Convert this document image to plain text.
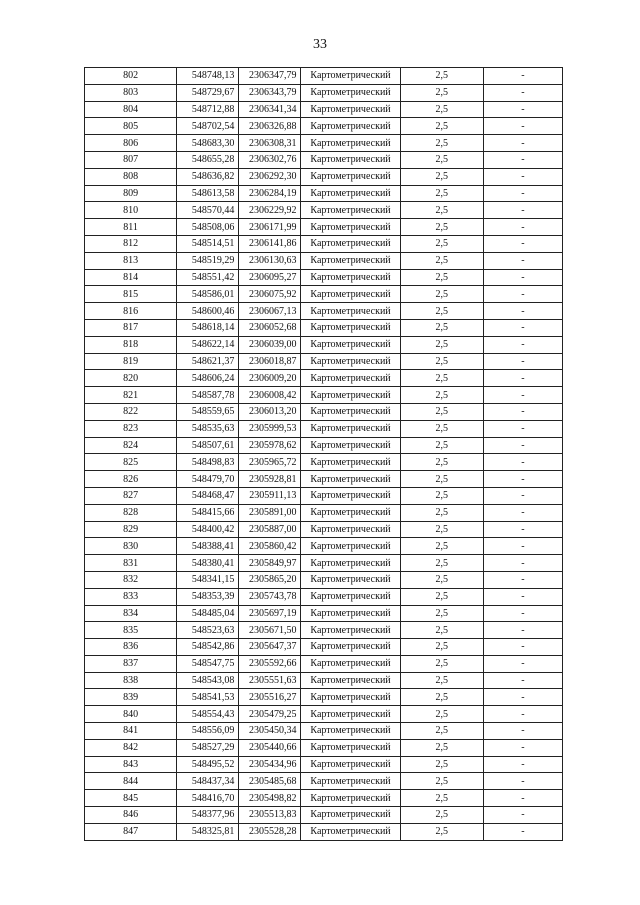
33
802	548748,13	2306347,79	Картометрический	2,5	-
803	548729,67	2306343,79	Картометрический	2,5	-
804	548712,88	2306341,34	Картометрический	2,5	-
805	548702,54	2306326,88	Картометрический	2,5	-
806	548683,30	2306308,31	Картометрический	2,5	-
807	548655,28	2306302,76	Картометрический	2,5	-
808	548636,82	2306292,30	Картометрический	2,5	-
809	548613,58	2306284,19	Картометрический	2,5	-
810	548570,44	2306229,92	Картометрический	2,5	-
811	548508,06	2306171,99	Картометрический	2,5	-
812	548514,51	2306141,86	Картометрический	2,5	-
813	548519,29	2306130,63	Картометрический	2,5	-
814	548551,42	2306095,27	Картометрический	2,5	-
815	548586,01	2306075,92	Картометрический	2,5	-
816	548600,46	2306067,13	Картометрический	2,5	-
817	548618,14	2306052,68	Картометрический	2,5	-
818	548622,14	2306039,00	Картометрический	2,5	-
819	548621,37	2306018,87	Картометрический	2,5	-
820	548606,24	2306009,20	Картометрический	2,5	-
821	548587,78	2306008,42	Картометрический	2,5	-
822	548559,65	2306013,20	Картометрический	2,5	-
823	548535,63	2305999,53	Картометрический	2,5	-
824	548507,61	2305978,62	Картометрический	2,5	-
825	548498,83	2305965,72	Картометрический	2,5	-
826	548479,70	2305928,81	Картометрический	2,5	-
827	548468,47	2305911,13	Картометрический	2,5	-
828	548415,66	2305891,00	Картометрический	2,5	-
829	548400,42	2305887,00	Картометрический	2,5	-
830	548388,41	2305860,42	Картометрический	2,5	-
831	548380,41	2305849,97	Картометрический	2,5	-
832	548341,15	2305865,20	Картометрический	2,5	-
833	548353,39	2305743,78	Картометрический	2,5	-
834	548485,04	2305697,19	Картометрический	2,5	-
835	548523,63	2305671,50	Картометрический	2,5	-
836	548542,86	2305647,37	Картометрический	2,5	-
837	548547,75	2305592,66	Картометрический	2,5	-
838	548543,08	2305551,63	Картометрический	2,5	-
839	548541,53	2305516,27	Картометрический	2,5	-
840	548554,43	2305479,25	Картометрический	2,5	-
841	548556,09	2305450,34	Картометрический	2,5	-
842	548527,29	2305440,66	Картометрический	2,5	-
843	548495,52	2305434,96	Картометрический	2,5	-
844	548437,34	2305485,68	Картометрический	2,5	-
845	548416,70	2305498,82	Картометрический	2,5	-
846	548377,96	2305513,83	Картометрический	2,5	-
847	548325,81	2305528,28	Картометрический	2,5	-
